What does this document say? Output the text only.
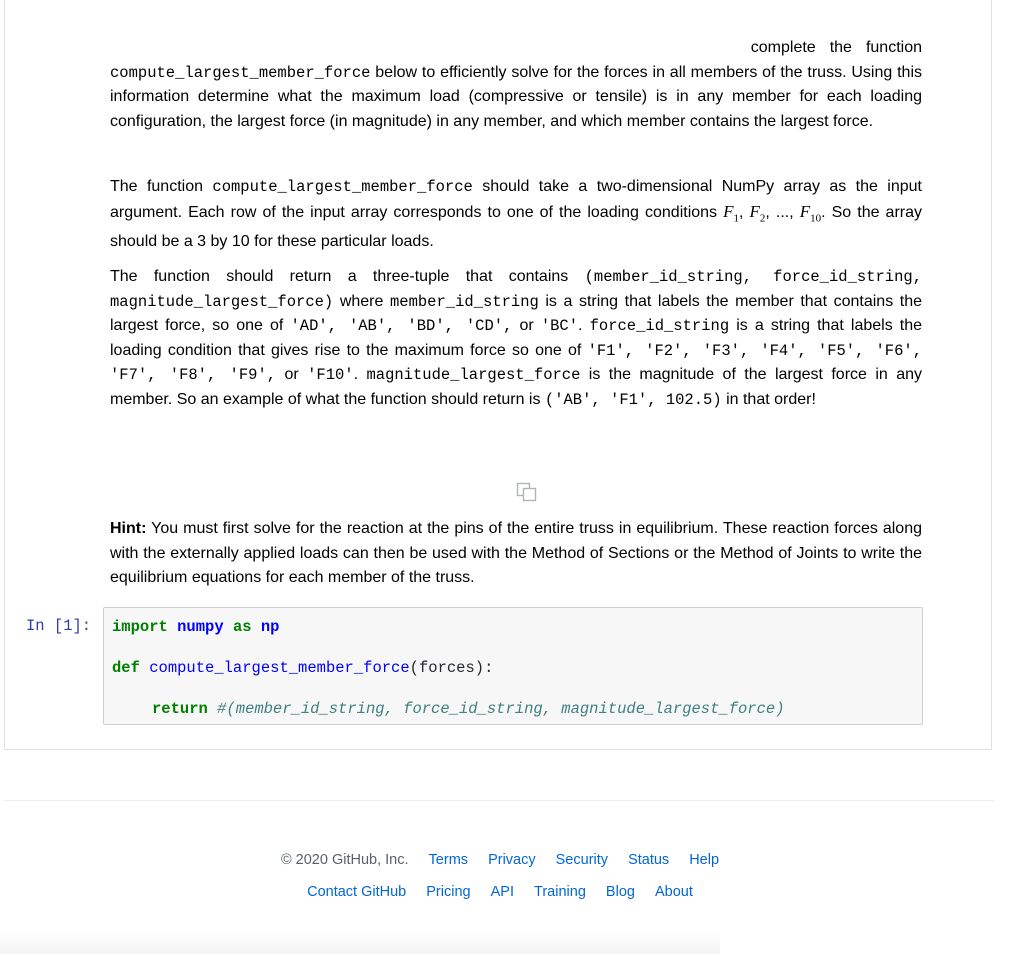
complete the function
compute_largest_member_force below to efficiently solve for the forces in all members of the truss. Using this information determine what the maximum load (compressive or tensile) is in any member for each loading configuration, the largest force (in magnitude) in any member, and which member contains the largest force.
The function compute_largest_member_force should take a two-dimensional NumPy array as the input argument. Each row of the input array corresponds to one of the loading conditions $F_1$, $F_2$, ..., $F_{10}$. So the array should be a 3 by 10 for these particular loads.
The function should return a three-tuple that contains (member_id_string, force_id_string, magnitude_largest_force) where member_id_string is a string that labels the member that contains the largest force, so one of 'AD', 'AB', 'BD', 'CD', or 'BC'. force_id_string is a string that labels the loading condition that gives rise to the maximum force so one of 'F1', 'F2', 'F3', 'F4', 'F5', 'F6', 'F7', 'F8', 'F9', or 'F10'. magnitude_largest_force is the magnitude of the largest force in any member. So an example of what the function should return is ('AB', 'F1', 102.5) in that order!
Hint: You must first solve for the reaction at the pins of the entire truss in equilibrium. These reaction forces along with the externally applied loads can then be used with the Method of Sections or the Method of Joints to write the equilibrium equations for each member of the truss.
In [1]: import numpy as np
def compute_largest_member_force(forces):
return #(member_id_string, force_id_string, magnitude_largest_force)
© 2020 GitHub, Inc. Terms Privacy Security Status Help
Contact GitHub Pricing API Training Blog About
